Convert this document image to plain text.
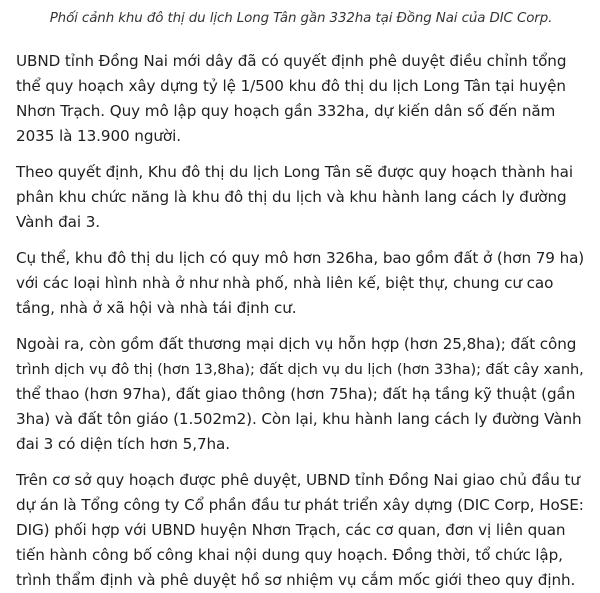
Phối cảnh khu đô thị du lịch Long Tân gần 332ha tại Đồng Nai của DIC Corp.

UBND tỉnh Đồng Nai mới dây đã có quyết định phê duyệt điều chỉnh tổng
thể quy hoạch xây dựng tỷ lệ 1/500 khu đô thị du lịch Long Tân tại huyện
Nhơn Trạch. Quy mô lập quy hoạch gần 332ha, dự kiến dân số đến năm
2035 là 13.900 người.

Theo quyết định, Khu đô thị du lịch Long Tân sẽ được quy hoạch thành hai
phân khu chức năng là khu đô thị du lịch và khu hành lang cách ly đường
Vành đai 3.

Cụ thể, khu đô thị du lịch có quy mô hơn 326ha, bao gồm đất ở (hơn 79 ha)
với các loại hình nhà ở như nhà phố, nhà liên kế, biệt thự, chung cư cao
tầng, nhà ở xã hội và nhà tái định cư.

Ngoài ra, còn gồm đất thương mại dịch vụ hỗn hợp (hơn 25,8ha); đất công
trình dịch vụ đô thị (hơn 13,8ha); đất dịch vụ du lịch (hơn 33ha); đất cây xanh,
thể thao (hơn 97ha), đất giao thông (hơn 75ha); đất hạ tầng kỹ thuật (gần
3ha) và đất tôn giáo (1.502m2). Còn lại, khu hành lang cách ly đường Vành
đai 3 có diện tích hơn 5,7ha.

Trên cơ sở quy hoạch được phê duyệt, UBND tỉnh Đồng Nai giao chủ đầu tư
dự án là Tổng công ty Cổ phần đầu tư phát triển xây dựng (DIC Corp, HoSE:
DIG) phối hợp với UBND huyện Nhơn Trạch, các cơ quan, đơn vị liên quan
tiến hành công bố công khai nội dung quy hoạch. Đồng thời, tổ chức lập,
trình thẩm định và phê duyệt hồ sơ nhiệm vụ cắm mốc giới theo quy định.
